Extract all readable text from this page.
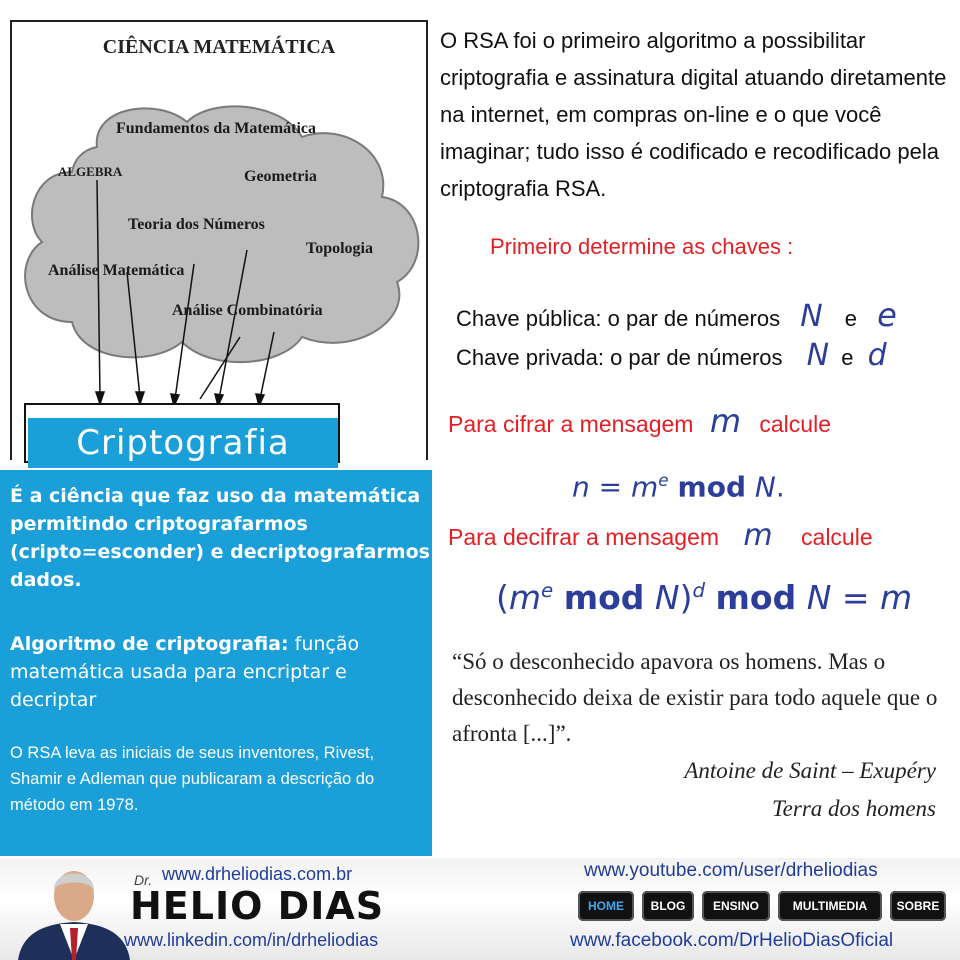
CIÊNCIA MATEMÁTICA
Fundamentos da Matemática
ALGEBRA	Geometria
Teoria dos Números
Topologia
Análise Matemática
Análise Combinatória
Criptografia
É a ciência que faz uso da matemática permitindo criptografarmos (cripto=esconder) e decriptografarmos dados.
Algoritmo de criptografia: função matemática usada para encriptar e decriptar
O RSA leva as iniciais de seus inventores, Rivest, Shamir e Adleman que publicaram a descrição do método em 1978.
O RSA foi o primeiro algoritmo a possibilitar criptografia e assinatura digital atuando diretamente na internet, em compras on-line e o que você imaginar; tudo isso é codificado e recodificado pela criptografia RSA.
Primeiro determine as chaves :
Chave pública: o par de números N e e
Chave privada: o par de números N e d
Para cifrar a mensagem m calcule
$n = m^e$ mod N.
Para decifrar a mensagem m calcule
($m^e$ mod N)$^d$ mod N = m
“Só o desconhecido apavora os homens. Mas o desconhecido deixa de existir para todo aquele que o afronta [...]”.
Antoine de Saint – Exupéry
Terra dos homens
www.drheliodias.com.br
Dr.
HELIO DIAS
www.linkedin.com/in/drheliodias
www.youtube.com/user/drheliodias
www.facebook.com/DrHelioDiasOficial
HOME	BLOG	ENSINO	MULTIMEDIA	SOBRE
